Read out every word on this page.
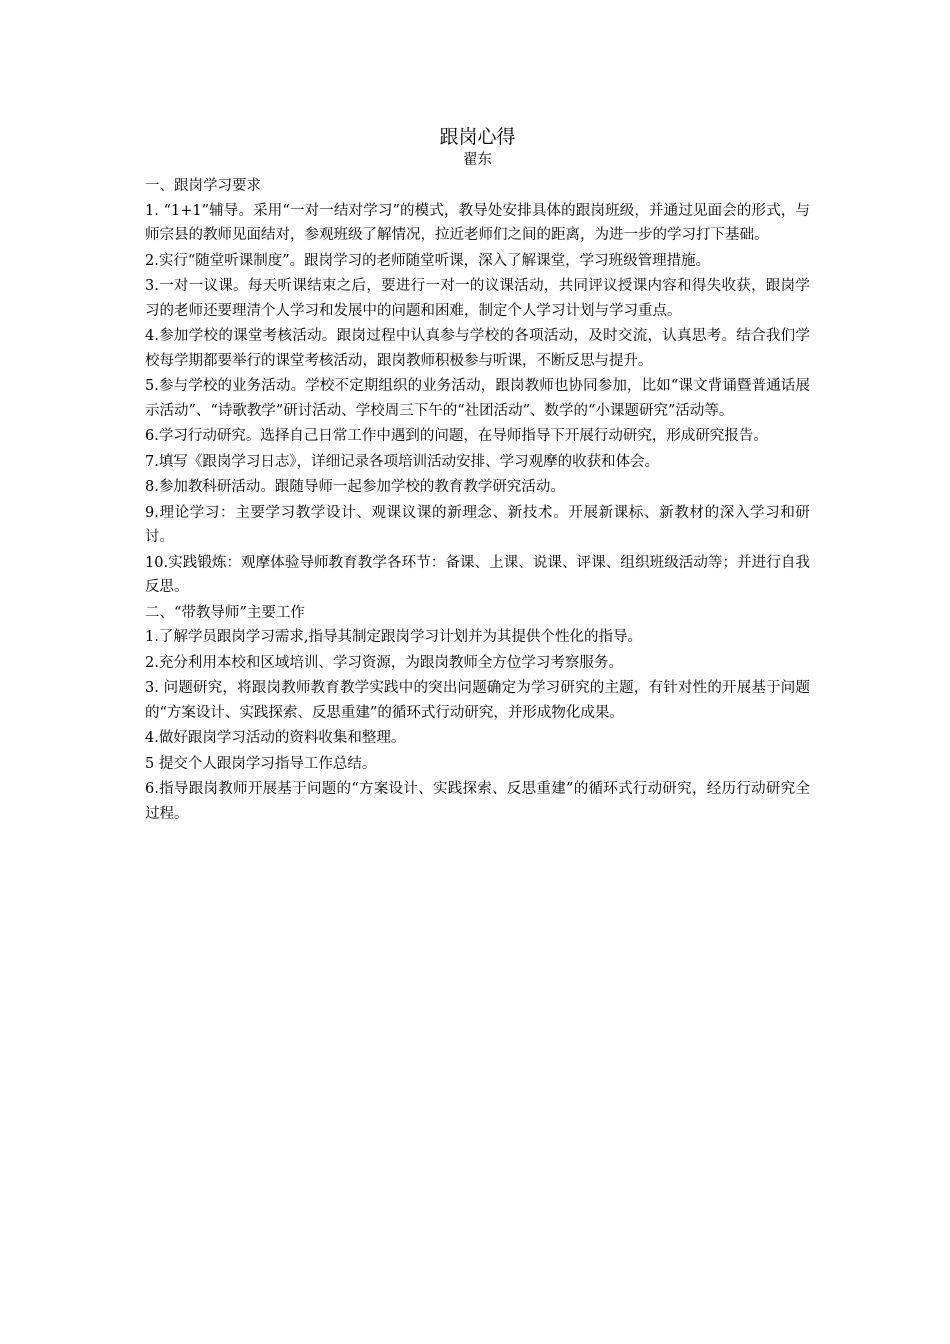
跟岗心得
翟东

一、跟岗学习要求

1. “1+1”辅导。采用“一对一结对学习”的模式，教导处安排具体的跟岗班级，并通过见面会的形式，与师宗县的教师见面结对，参观班级了解情况，拉近老师们之间的距离，为进一步的学习打下基础。

2.实行“随堂听课制度”。跟岗学习的老师随堂听课，深入了解课堂，学习班级管理措施。

3.一对一议课。每天听课结束之后，要进行一对一的议课活动，共同评议授课内容和得失收获，跟岗学习的老师还要理清个人学习和发展中的问题和困难，制定个人学习计划与学习重点。

4.参加学校的课堂考核活动。跟岗过程中认真参与学校的各项活动，及时交流，认真思考。结合我们学校每学期都要举行的课堂考核活动，跟岗教师积极参与听课，不断反思与提升。

5.参与学校的业务活动。学校不定期组织的业务活动，跟岗教师也协同参加，比如“课文背诵暨普通话展示活动”、“诗歌教学”研讨活动、学校周三下午的“社团活动”、数学的“小课题研究”活动等。

6.学习行动研究。选择自己日常工作中遇到的问题，在导师指导下开展行动研究，形成研究报告。

7.填写《跟岗学习日志》，详细记录各项培训活动安排、学习观摩的收获和体会。

8.参加教科研活动。跟随导师一起参加学校的教育教学研究活动。

9.理论学习：主要学习教学设计、观课议课的新理念、新技术。开展新课标、新教材的深入学习和研讨。

10.实践锻炼：观摩体验导师教育教学各环节：备课、上课、说课、评课、组织班级活动等；并进行自我反思。

二、“带教导师”主要工作

1.了解学员跟岗学习需求,指导其制定跟岗学习计划并为其提供个性化的指导。

2.充分利用本校和区域培训、学习资源，为跟岗教师全方位学习考察服务。

3. 问题研究，将跟岗教师教育教学实践中的突出问题确定为学习研究的主题，有针对性的开展基于问题的“方案设计、实践探索、反思重建”的循环式行动研究，并形成物化成果。

4.做好跟岗学习活动的资料收集和整理。

5 提交个人跟岗学习指导工作总结。

6.指导跟岗教师开展基于问题的“方案设计、实践探索、反思重建”的循环式行动研究，经历行动研究全过程。
